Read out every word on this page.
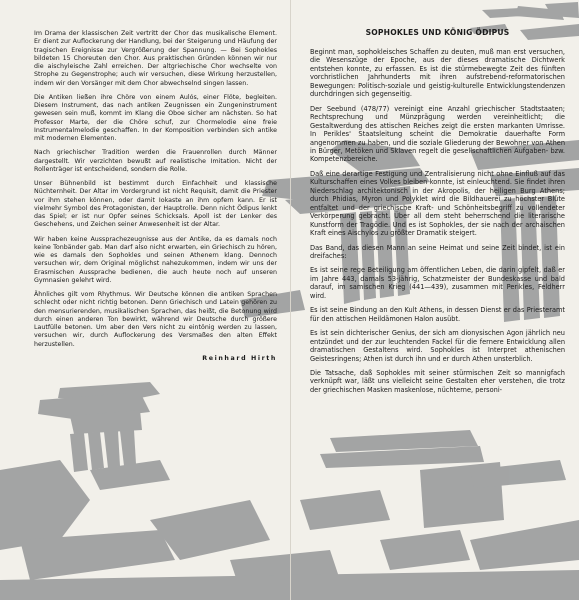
Im Drama der klassischen Zeit vertritt der Chor das musikalische Element. Er dient zur Auflockerung der Handlung, bei der Steigerung und Häufung der tragischen Ereignisse zur Vergrößerung der Spannung. — Bei Sophokles bildeten 15 Choreuten den Chor. Aus praktischen Gründen können wir nur die aischyleische Zahl erreichen. Der altgriechische Chor wechselte von Strophe zu Gegenstrophe; auch wir versuchen, diese Wirkung herzustellen, indem wir den Vorsänger mit dem Chor abwechselnd singen lassen.

Die Antiken ließen ihre Chöre von einem Aulós, einer Flöte, begleiten. Diesem Instrument, das nach antiken Zeugnissen ein Zungeninstrument gewesen sein muß, kommt im Klang die Oboe sicher am nächsten. So hat Professor Marte, der die Chöre schuf, zur Chormelodie eine freie Instrumentalmelodie geschaffen. In der Komposition verbinden sich antike mit modernen Elementen.

Nach griechischer Tradition werden die Frauenrollen durch Männer dargestellt. Wir verzichten bewußt auf realistische Imitation. Nicht der Rollenträger ist entscheidend, sondern die Rolle.

Unser Bühnenbild ist bestimmt durch Einfachheit und klassische Nüchternheit. Der Altar im Vordergrund ist nicht Requisit, damit die Priester vor ihm stehen können, oder damit Iokaste an ihm opfern kann. Er ist vielmehr Symbol des Protagonisten, der Hauptrolle. Denn nicht Ödipus lenkt das Spiel; er ist nur Opfer seines Schicksals. Apoll ist der Lenker des Geschehens, und Zeichen seiner Anwesenheit ist der Altar.

Wir haben keine Aussprachezeugnisse aus der Antike, da es damals noch keine Tonbänder gab. Man darf also nicht erwarten, ein Griechisch zu hören, wie es damals den Sophokles und seinen Athenern klang. Dennoch versuchen wir, dem Original möglichst nahezukommen, indem wir uns der Erasmischen Aussprache bedienen, die auch heute noch auf unseren Gymnasien gelehrt wird.

Ähnliches gilt vom Rhythmus. Wir Deutsche können die antiken Sprachen schlecht oder nicht richtig betonen. Denn Griechisch und Latein gehören zu den mensurierenden, musikalischen Sprachen, das heißt, die Betonung wird durch einen anderen Ton bewirkt, während wir Deutsche durch größere Lautfülle betonen. Um aber den Vers nicht zu eintönig werden zu lassen, versuchen wir, durch Auflockerung des Versmaßes den alten Effekt herzustellen.

Reinhard Hirth

SOPHOKLES UND KÖNIG ÖDIPUS

Beginnt man, sophokleisches Schaffen zu deuten, muß man erst versuchen, die Wesenszüge der Epoche, aus der dieses dramatische Dichtwerk entstehen konnte, zu erfassen. Es ist die stürmebewegte Zeit des fünften vorchristlichen Jahrhunderts mit ihren aufstrebend-reformatorischen Bewegungen: Politisch-soziale und geistig-kulturelle Entwicklungstendenzen durchdringen sich gegenseitig.

Der Seebund (478/77) vereinigt eine Anzahl griechischer Stadtstaaten; Rechtsprechung und Münzprägung werden vereinheitlicht; die Gestaltwerdung des attischen Reiches zeigt die ersten markanten Umrisse. In Perikles' Staatsleitung scheint die Demokratie dauerhafte Form angenommen zu haben, und die soziale Gliederung der Bewohner von Athen in Bürger, Metöken und Sklaven regelt die gesellschaftlichen Aufgaben- bzw. Kompetenzbereiche.

Daß eine derartige Festigung und Zentralisierung nicht ohne Einfluß auf das Kulturschaffen eines Volkes bleiben konnte, ist einleuchtend. Sie findet ihren Niederschlag architektonisch in der Akropolis, der heiligen Burg Athens; durch Phidias, Myron und Polyklet wird die Bildhauerei zu höchster Blüte entfaltet und der griechische Kraft- und Schönheitsbegriff zu vollendeter Verkörperung gebracht. Über all dem steht beherrschend die literarische Kunstform der Tragödie. Und es ist Sophokles, der sie nach der archaischen Kraft eines Aischylos zu größter Dramatik steigert.

Das Band, das diesen Mann an seine Heimat und seine Zeit bindet, ist ein dreifaches:

Es ist seine rege Beteiligung am öffentlichen Leben, die darin gipfelt, daß er im Jahre 443, damals 53-jährig, Schatzmeister der Bundeskasse und bald darauf, im samischen Krieg (441—439), zusammen mit Perikles, Feldherr wird.

Es ist seine Bindung an den Kult Athens, in dessen Dienst er das Priesteramt für den attischen Heildämonen Halon ausübt.

Es ist sein dichterischer Genius, der sich am dionysischen Agon jährlich neu entzündet und der zur leuchtenden Fackel für die fernere Entwicklung allen dramatischen Gestaltens wird. Sophokles ist Interpret athenischen Geistesringens; Athen ist durch ihn und er durch Athen unsterblich.

Die Tatsache, daß Sophokles mit seiner stürmischen Zeit so mannigfach verknüpft war, läßt uns vielleicht seine Gestalten eher verstehen, die trotz der griechischen Masken maskenlose, nüchterne, personi-
